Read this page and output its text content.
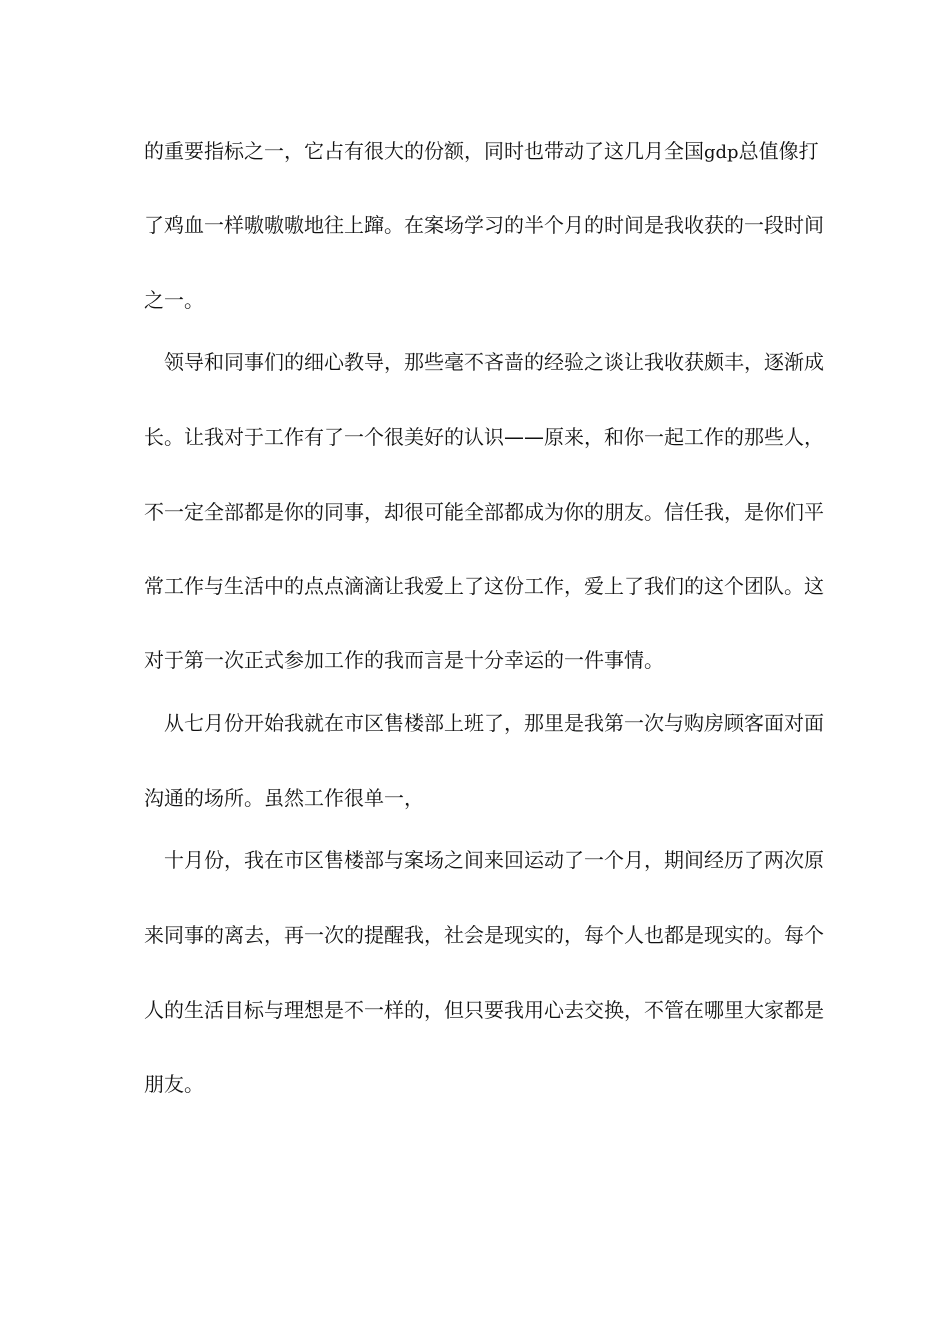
的重要指标之一，它占有很大的份额，同时也带动了这几月全国gdp总值像打
了鸡血一样嗷嗷嗷地往上蹿。在案场学习的半个月的时间是我收获的一段时间
之一。
　领导和同事们的细心教导，那些毫不吝啬的经验之谈让我收获颇丰，逐渐成
长。让我对于工作有了一个很美好的认识——原来，和你一起工作的那些人，
不一定全部都是你的同事，却很可能全部都成为你的朋友。信任我，是你们平
常工作与生活中的点点滴滴让我爱上了这份工作，爱上了我们的这个团队。这
对于第一次正式参加工作的我而言是十分幸运的一件事情。
　从七月份开始我就在市区售楼部上班了，那里是我第一次与购房顾客面对面
沟通的场所。虽然工作很单一，
　十月份，我在市区售楼部与案场之间来回运动了一个月，期间经历了两次原
来同事的离去，再一次的提醒我，社会是现实的，每个人也都是现实的。每个
人的生活目标与理想是不一样的，但只要我用心去交换，不管在哪里大家都是
朋友。
